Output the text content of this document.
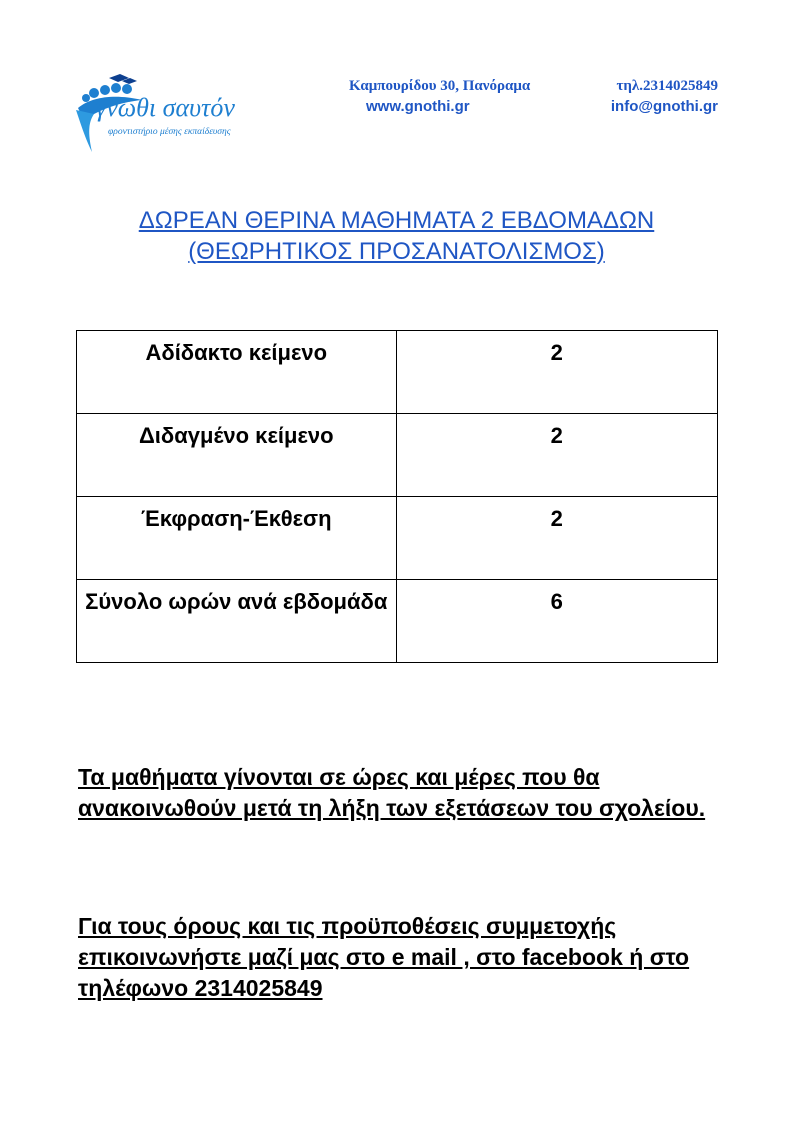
γνῶθι σαυτόν
φροντιστήριο μέσης εκπαίδευσης
Καμπουρίδου 30, Πανόραμα	τηλ.2314025849
www.gnothi.gr	info@gnothi.gr
ΔΩΡΕΑΝ ΘΕΡΙΝΑ ΜΑΘΗΜΑΤΑ 2 ΕΒΔΟΜΑΔΩΝ
(ΘΕΩΡΗΤΙΚΟΣ ΠΡΟΣΑΝΑΤΟΛΙΣΜΟΣ)
Αδίδακτο κείμενο	2
Διδαγμένο κείμενο	2
Έκφραση-Έκθεση	2
Σύνολο ωρών ανά εβδομάδα	6
Τα μαθήματα γίνονται σε ώρες και μέρες που θα ανακοινωθούν μετά τη λήξη των εξετάσεων του σχολείου.
Για τους όρους και τις προϋποθέσεις συμμετοχής επικοινωνήστε μαζί μας στο e mail , στο facebook ή στο τηλέφωνο 2314025849
